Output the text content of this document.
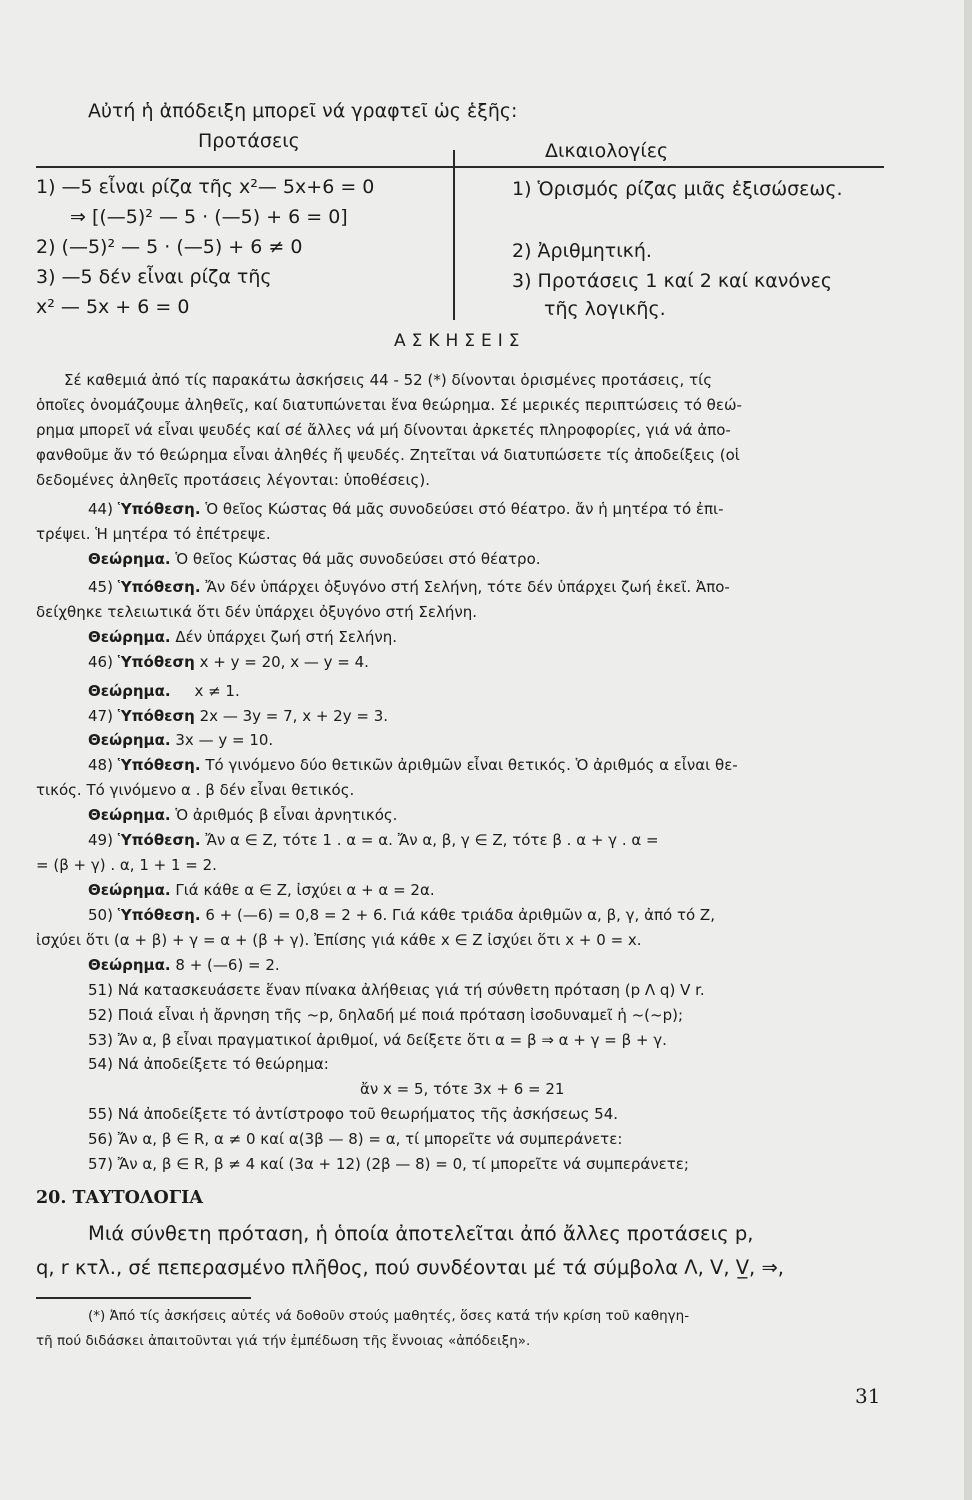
Αὐτή ἡ ἀπόδειξη μπορεῖ νά γραφτεῖ ὡς ἑξῆς:
Προτάσεις	Δικαιολογίες
1) —5 εἶναι ρίζα τῆς x²— 5x+6 = 0
⇒ [(—5)² — 5 · (—5) + 6 = 0]
2) (—5)² — 5 · (—5) + 6 ≠ 0
3) —5 δέν εἶναι ρίζα τῆς
x² — 5x + 6 = 0
1) Ὁρισμός ρίζας μιᾶς ἐξισώσεως.
2) Ἀριθμητική.
3) Προτάσεις 1 καί 2 καί κανόνες
τῆς λογικῆς.
ΑΣΚΗΣΕΙΣ
Σέ καθεμιά ἀπό τίς παρακάτω ἀσκήσεις 44 - 52 (*) δίνονται ὁρισμένες προτάσεις, τίς
ὁποῖες ὀνομάζουμε ἀληθεῖς, καί διατυπώνεται ἕνα θεώρημα. Σέ μερικές περιπτώσεις τό θεώ-
ρημα μπορεῖ νά εἶναι ψευδές καί σέ ἄλλες νά μή δίνονται ἀρκετές πληροφορίες, γιά νά ἀπο-
φανθοῦμε ἄν τό θεώρημα εἶναι ἀληθές ἤ ψευδές. Ζητεῖται νά διατυπώσετε τίς ἀποδείξεις (οἱ
δεδομένες ἀληθεῖς προτάσεις λέγονται: ὑποθέσεις).
44) Ὑπόθεση. Ὁ θεῖος Κώστας θά μᾶς συνοδεύσει στό θέατρο. ἄν ἡ μητέρα τό ἐπι-
τρέψει. Ἡ μητέρα τό ἐπέτρεψε.
Θεώρημα. Ὁ θεῖος Κώστας θά μᾶς συνοδεύσει στό θέατρο.
45) Ὑπόθεση. Ἄν δέν ὑπάρχει ὀξυγόνο στή Σελήνη, τότε δέν ὑπάρχει ζωή ἐκεῖ. Ἀπο-
δείχθηκε τελειωτικά ὅτι δέν ὑπάρχει ὀξυγόνο στή Σελήνη.
Θεώρημα. Δέν ὑπάρχει ζωή στή Σελήνη.
46) Ὑπόθεση x + y = 20, x — y = 4.
Θεώρημα.     x ≠ 1.
47) Ὑπόθεση 2x — 3y = 7, x + 2y = 3.
Θεώρημα. 3x — y = 10.
48) Ὑπόθεση. Τό γινόμενο δύο θετικῶν ἀριθμῶν εἶναι θετικός. Ὁ ἀριθμός α εἶναι θε-
τικός. Τό γινόμενο α . β δέν εἶναι θετικός.
Θεώρημα. Ὁ ἀριθμός β εἶναι ἀρνητικός.
49) Ὑπόθεση. Ἄν α ∈ Z, τότε 1 . α = α. Ἄν α, β, γ ∈ Z, τότε β . α + γ . α =
= (β + γ) . α, 1 + 1 = 2.
Θεώρημα. Γιά κάθε α ∈ Z, ἰσχύει α + α = 2α.
50) Ὑπόθεση. 6 + (—6) = 0,8 = 2 + 6. Γιά κάθε τριάδα ἀριθμῶν α, β, γ, ἀπό τό Z,
ἰσχύει ὅτι (α + β) + γ = α + (β + γ). Ἐπίσης γιά κάθε x ∈ Z ἰσχύει ὅτι x + 0 = x.
Θεώρημα. 8 + (—6) = 2.
51) Νά κατασκευάσετε ἕναν πίνακα ἀλήθειας γιά τή σύνθετη πρόταση (p Λ q) V r.
52) Ποιά εἶναι ἡ ἄρνηση τῆς ~p, δηλαδή μέ ποιά πρόταση ἰσοδυναμεῖ ἡ ~(~p);
53) Ἄν α, β εἶναι πραγματικοί ἀριθμοί, νά δείξετε ὅτι α = β ⇒ α + γ = β + γ.
54) Νά ἀποδείξετε τό θεώρημα:
ἄν x = 5, τότε 3x + 6 = 21
55) Νά ἀποδείξετε τό ἀντίστροφο τοῦ θεωρήματος τῆς ἀσκήσεως 54.
56) Ἄν α, β ∈ R, α ≠ 0 καί α(3β — 8) = α, τί μπορεῖτε νά συμπεράνετε:
57) Ἄν α, β ∈ R, β ≠ 4 καί (3α + 12) (2β — 8) = 0, τί μπορεῖτε νά συμπεράνετε;
20. ΤΑΥΤΟΛΟΓΙΑ
Μιά σύνθετη πρόταση, ἡ ὁποία ἀποτελεῖται ἀπό ἄλλες προτάσεις p,
q, r κτλ., σέ πεπερασμένο πλῆθος, πού συνδέονται μέ τά σύμβολα Λ, V, V̲, ⇒,
(*) Ἀπό τίς ἀσκήσεις αὐτές νά δοθοῦν στούς μαθητές, ὅσες κατά τήν κρίση τοῦ καθηγη-
τῆ πού διδάσκει ἀπαιτοῦνται γιά τήν ἐμπέδωση τῆς ἔννοιας «ἀπόδειξη».
31
